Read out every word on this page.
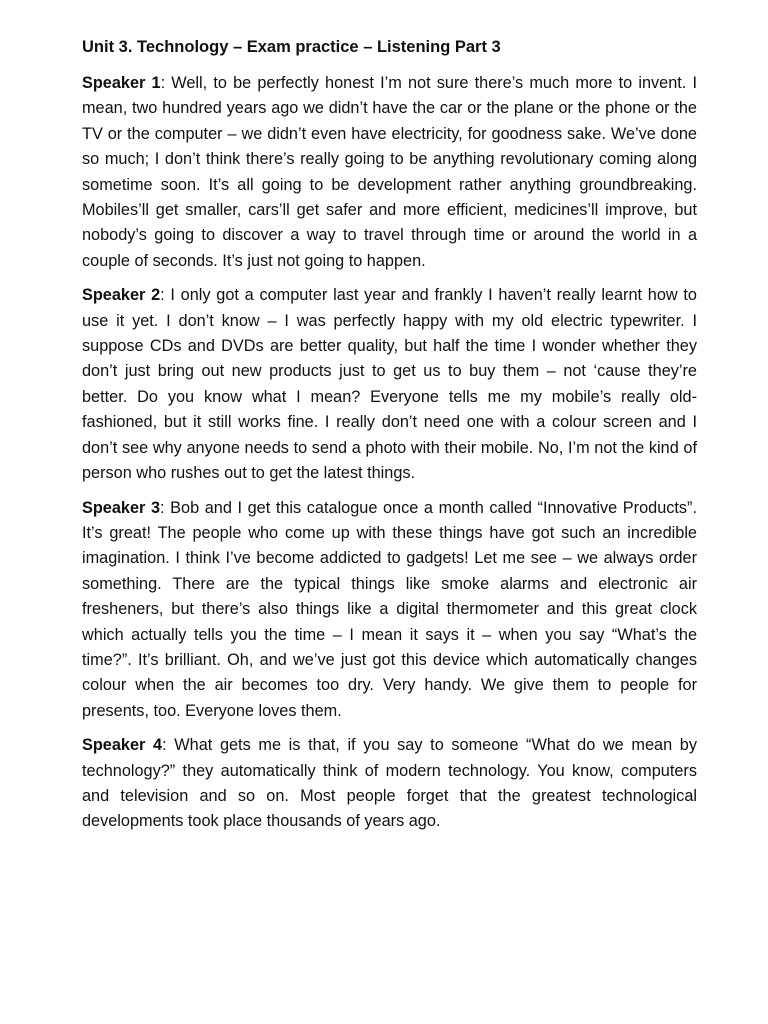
Unit 3. Technology – Exam practice – Listening Part 3

Speaker 1: Well, to be perfectly honest I’m not sure there’s much more to invent. I mean, two hundred years ago we didn’t have the car or the plane or the phone or the TV or the computer – we didn’t even have electricity, for goodness sake. We’ve done so much; I don’t think there’s really going to be anything revolutionary coming along sometime soon. It’s all going to be development rather anything groundbreaking. Mobiles’ll get smaller, cars’ll get safer and more efficient, medicines’ll improve, but nobody’s going to discover a way to travel through time or around the world in a couple of seconds. It’s just not going to happen.

Speaker 2: I only got a computer last year and frankly I haven’t really learnt how to use it yet. I don’t know – I was perfectly happy with my old electric typewriter. I suppose CDs and DVDs are better quality, but half the time I wonder whether they don’t just bring out new products just to get us to buy them – not ‘cause they’re better. Do you know what I mean? Everyone tells me my mobile’s really old-fashioned, but it still works fine. I really don’t need one with a colour screen and I don’t see why anyone needs to send a photo with their mobile. No, I’m not the kind of person who rushes out to get the latest things.

Speaker 3: Bob and I get this catalogue once a month called “Innovative Products”. It’s great! The people who come up with these things have got such an incredible imagination. I think I’ve become addicted to gadgets! Let me see – we always order something. There are the typical things like smoke alarms and electronic air fresheners, but there’s also things like a digital thermometer and this great clock which actually tells you the time – I mean it says it – when you say “What’s the time?”. It’s brilliant. Oh, and we’ve just got this device which automatically changes colour when the air becomes too dry. Very handy. We give them to people for presents, too. Everyone loves them.

Speaker 4: What gets me is that, if you say to someone “What do we mean by technology?” they automatically think of modern technology. You know, computers and television and so on. Most people forget that the greatest technological developments took place thousands of years ago.
